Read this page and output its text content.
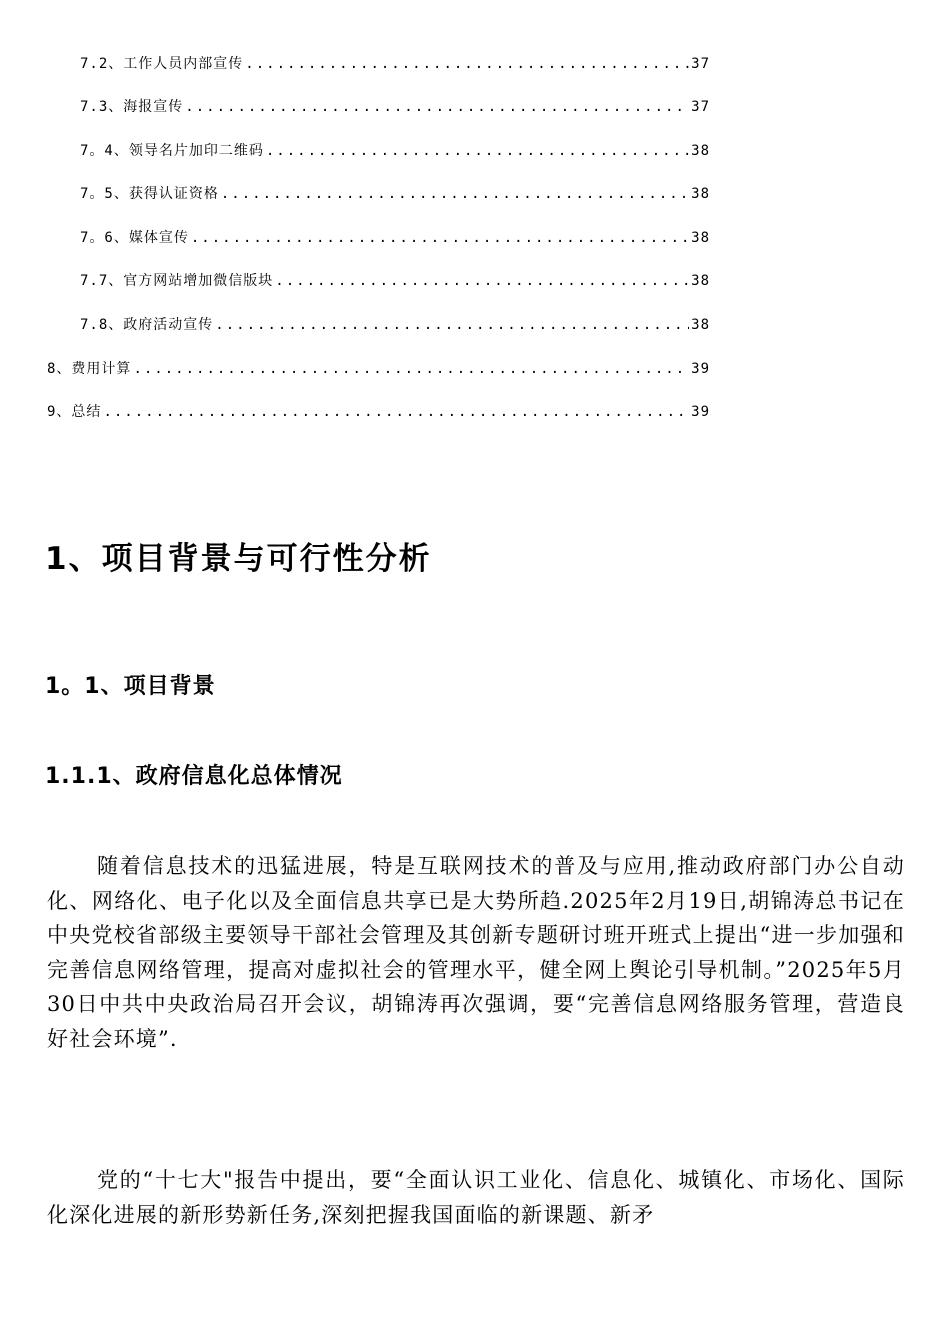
7.2、工作人员内部宣传 .....	37
7.3、海报宣传 .....	37
7。4、领导名片加印二维码 .....	38
7。5、获得认证资格 .....	38
7。6、媒体宣传 .....	38
7.7、官方网站增加微信版块 .....	38
7.8、政府活动宣传 .....	38
8、费用计算 .....	39
9、总结 .....	39
1、项目背景与可行性分析
1。1、项目背景
1.1.1、政府信息化总体情况

随着信息技术的迅猛进展，特是互联网技术的普及与应用,推动政府部门办公自动化、网络化、电子化以及全面信息共享已是大势所趋.2025年2月19日,胡锦涛总书记在中央党校省部级主要领导干部社会管理及其创新专题研讨班开班式上提出“进一步加强和完善信息网络管理，提高对虚拟社会的管理水平，健全网上舆论引导机制。”2025年5月30日中共中央政治局召开会议，胡锦涛再次强调，要“完善信息网络服务管理，营造良好社会环境”.

党的“十七大"报告中提出，要“全面认识工业化、信息化、城镇化、市场化、国际化深化进展的新形势新任务,深刻把握我国面临的新课题、新矛
